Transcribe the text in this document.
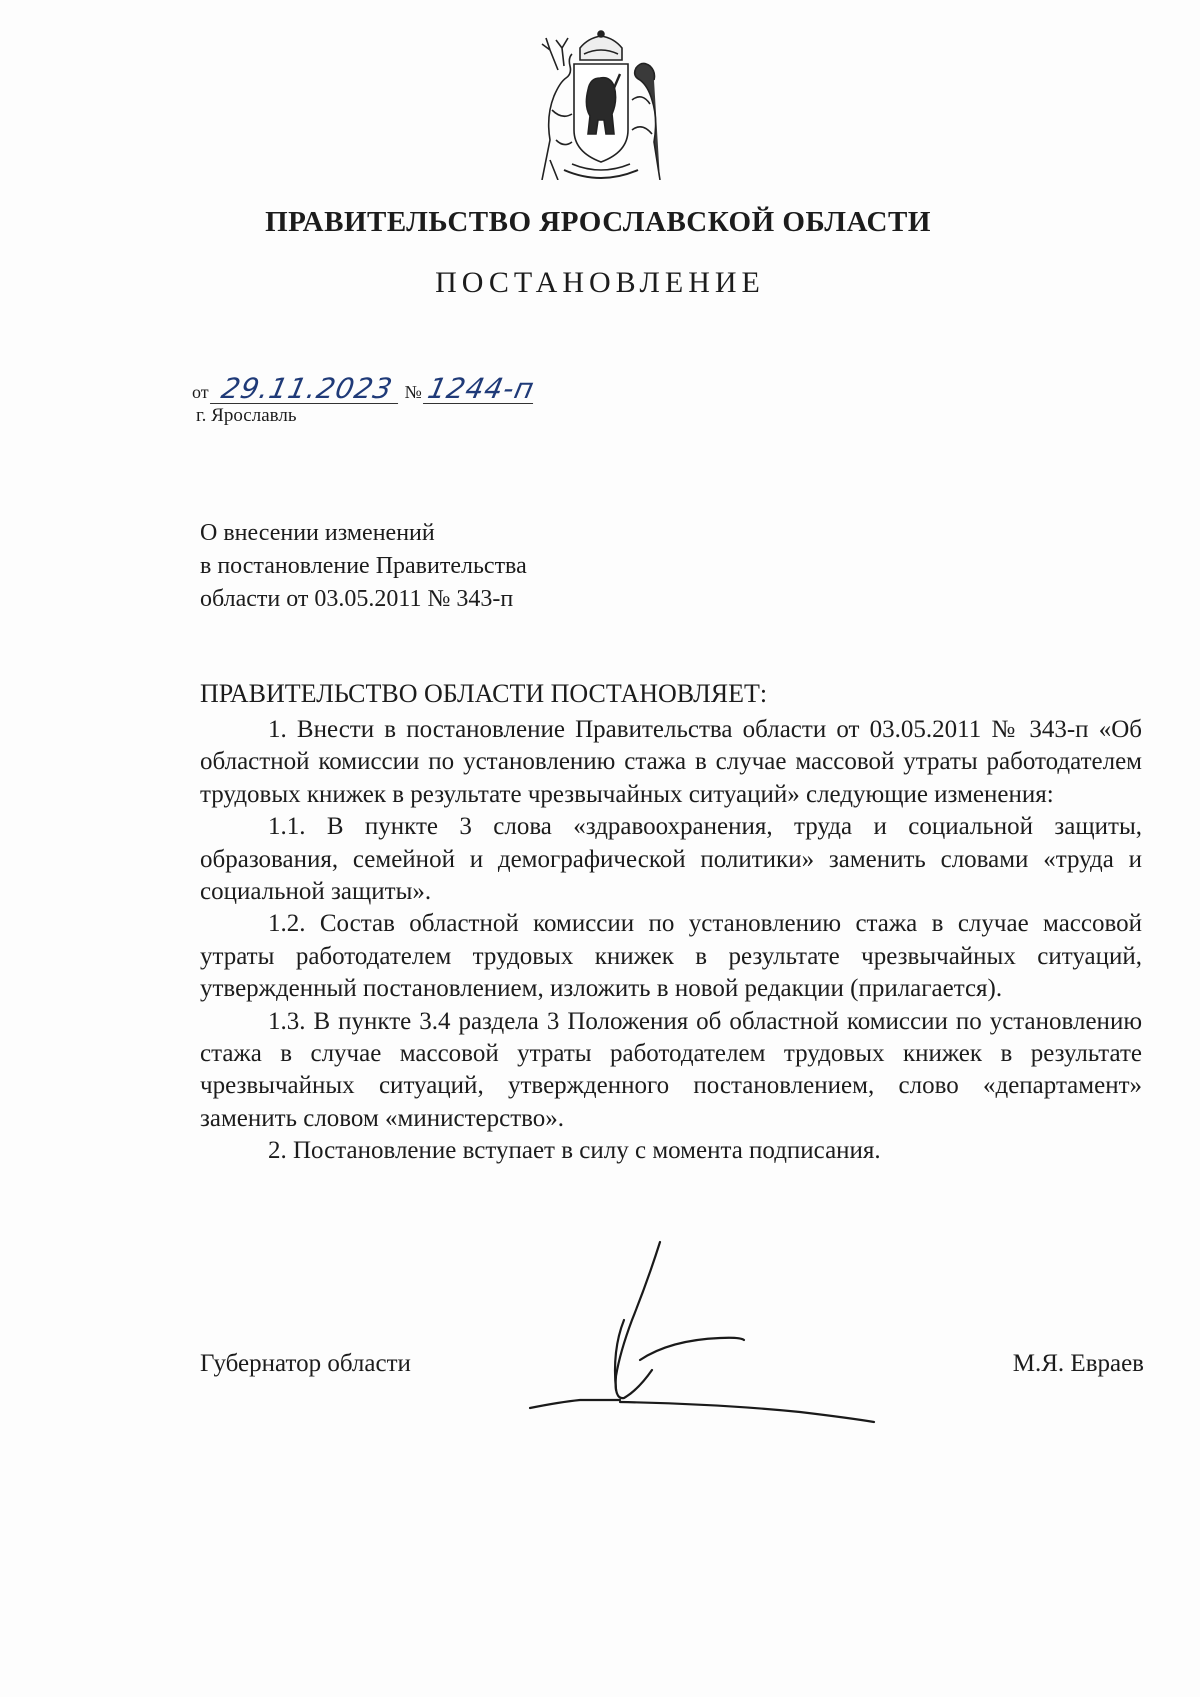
ПРАВИТЕЛЬСТВО ЯРОСЛАВСКОЙ ОБЛАСТИ
ПОСТАНОВЛЕНИЕ
от 29.11.2023 № 1244-п
г. Ярославль
О внесении изменений
в постановление Правительства
области от 03.05.2011 № 343-п
ПРАВИТЕЛЬСТВО ОБЛАСТИ ПОСТАНОВЛЯЕТ:

1. Внести в постановление Правительства области от 03.05.2011 № 343-п «Об областной комиссии по установлению стажа в случае массовой утраты работодателем трудовых книжек в результате чрезвычайных ситуаций» следующие изменения:

1.1. В пункте 3 слова «здравоохранения, труда и социальной защиты, образования, семейной и демографической политики» заменить словами «труда и социальной защиты».

1.2. Состав областной комиссии по установлению стажа в случае массовой утраты работодателем трудовых книжек в результате чрезвычайных ситуаций, утвержденный постановлением, изложить в новой редакции (прилагается).

1.3. В пункте 3.4 раздела 3 Положения об областной комиссии по установлению стажа в случае массовой утраты работодателем трудовых книжек в результате чрезвычайных ситуаций, утвержденного постановлением, слово «департамент» заменить словом «министерство».

2. Постановление вступает в силу с момента подписания.

Губернатор области	М.Я. Евраев
